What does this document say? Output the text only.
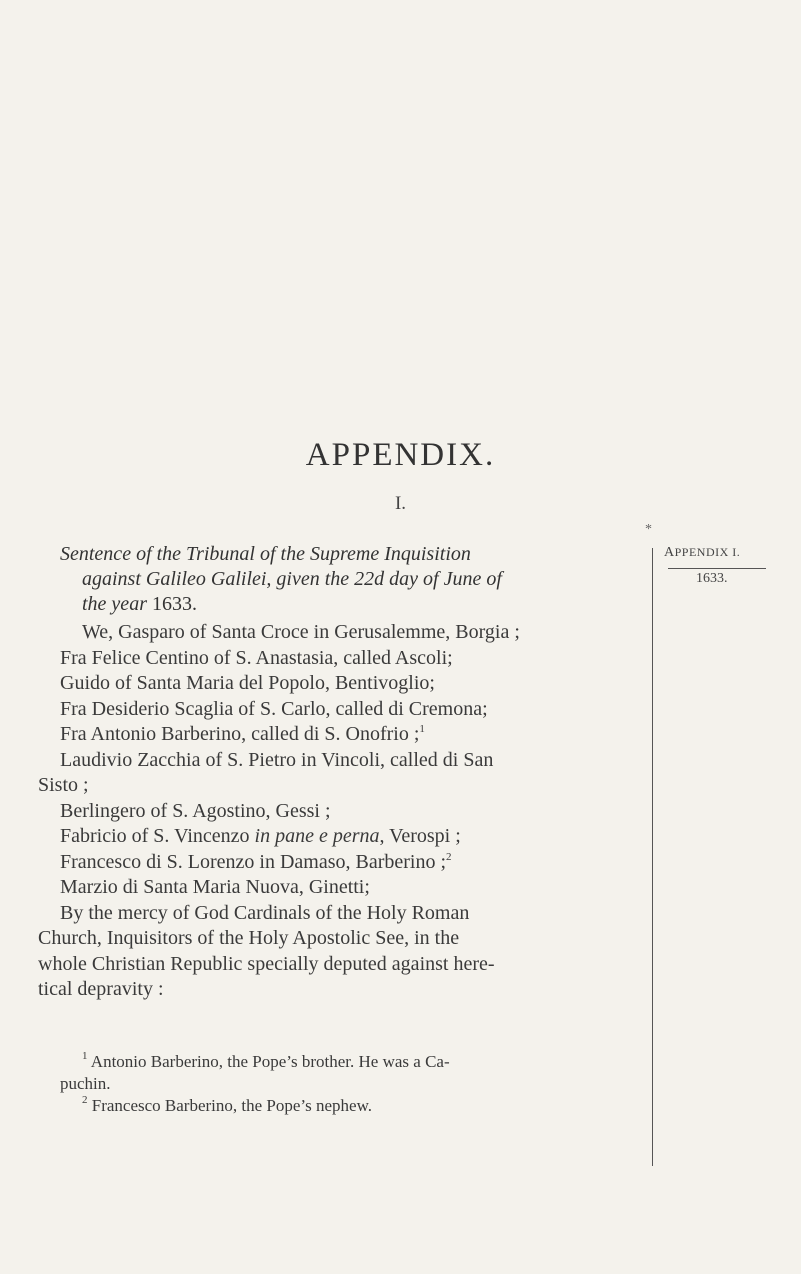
APPENDIX.
I.
Sentence of the Tribunal of the Supreme Inquisition
against Galileo Galilei, given the 22d day of June of
the year 1633.
We, Gasparo of Santa Croce in Gerusalemme, Borgia ;
Fra Felice Centino of S. Anastasia, called Ascoli;
Guido of Santa Maria del Popolo, Bentivoglio;
Fra Desiderio Scaglia of S. Carlo, called di Cremona;
Fra Antonio Barberino, called di S. Onofrio ;$^1$
Laudivio Zacchia of S. Pietro in Vincoli, called di San
Sisto ;
Berlingero of S. Agostino, Gessi ;
Fabricio of S. Vincenzo in pane e perna, Verospi ;
Francesco di S. Lorenzo in Damaso, Barberino ;$^2$
Marzio di Santa Maria Nuova, Ginetti;
By the mercy of God Cardinals of the Holy Roman
Church, Inquisitors of the Holy Apostolic See, in the
whole Christian Republic specially deputed against here-
tical depravity :
$^1$ Antonio Barberino, the Pope’s brother. He was a Ca-
puchin.
$^2$ Francesco Barberino, the Pope’s nephew.
*
APPENDIX I.
1633.
